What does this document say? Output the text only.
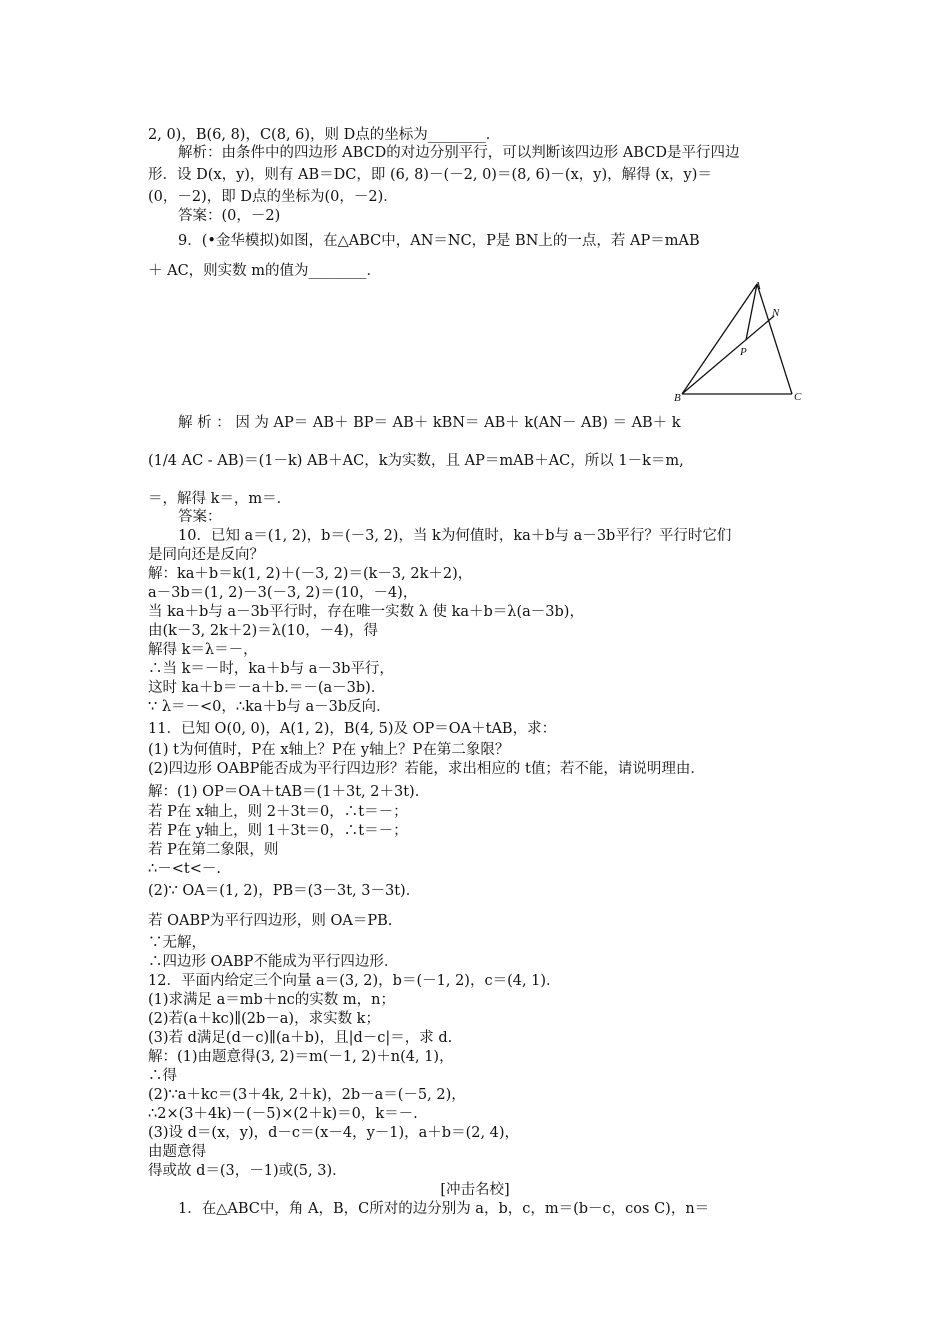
2, 0)，B(6, 8)，C(8, 6)，则 D点的坐标为________．
解析：由条件中的四边形 ABCD的对边分别平行，可以判断该四边形 ABCD是平行四边
形．设 D(x，y)，则有 AB＝DC，即 (6, 8)－(－2, 0)＝(8, 6)－(x，y)，解得 (x，y)＝
(0，－2)，即 D点的坐标为(0，－2)．
答案：(0，－2)
9．(•金华模拟)如图，在△ABC中，AN＝NC，P是 BN上的一点，若 AP＝mAB
＋ AC，则实数 m的值为________．
解 析 ： 因 为 AP＝ AB＋ BP＝ AB＋ kBN＝ AB＋ k(AN－ AB) ＝ AB＋ k
(1/4 AC - AB)＝(1－k) AB＋AC，k为实数，且 AP＝mAB＋AC，所以 1－k＝m,
＝，解得 k＝，m＝．
答案：
10．已知 a＝(1, 2)，b＝(－3, 2)，当 k为何值时，ka＋b与 a－3b平行？平行时它们
是同向还是反向？
解：ka＋b＝k(1, 2)＋(－3, 2)＝(k－3, 2k＋2)，
a－3b＝(1, 2)－3(－3, 2)＝(10，－4)，
当 ka＋b与 a－3b平行时，存在唯一实数 λ 使 ka＋b＝λ(a－3b)，
由(k－3, 2k＋2)＝λ(10，－4)，得
解得 k＝λ＝－，
∴当 k＝－时，ka＋b与 a－3b平行，
这时 ka＋b＝－a＋b.＝－(a－3b)．
∵ λ＝－<0，∴ka＋b与 a－3b反向．
11．已知 O(0, 0)，A(1, 2)，B(4, 5)及 OP＝OA＋tAB，求：
(1) t为何值时，P在 x轴上？P在 y轴上？P在第二象限？
(2)四边形 OABP能否成为平行四边形？若能，求出相应的 t值；若不能，请说明理由．
解：(1) OP＝OA＋tAB＝(1＋3t, 2＋3t)．
若 P在 x轴上，则 2＋3t＝0，∴t＝－；
若 P在 y轴上，则 1＋3t＝0，∴t＝－；
若 P在第二象限，则
∴－<t<－.
(2)∵ OA＝(1, 2)，PB＝(3－3t, 3－3t)．
若 OABP为平行四边形，则 OA＝PB.
∵无解，
∴四边形 OABP不能成为平行四边形．
12．平面内给定三个向量 a＝(3, 2)，b＝(－1, 2)，c＝(4, 1)．
(1)求满足 a＝mb＋nc的实数 m，n；
(2)若(a＋kc)∥(2b－a)，求实数 k；
(3)若 d满足(d－c)∥(a＋b)，且|d－c|＝，求 d.
解：(1)由题意得(3, 2)＝m(－1, 2)＋n(4, 1)，
∴得
(2)∵a＋kc＝(3＋4k, 2＋k)，2b－a＝(－5, 2)，
∴2×(3＋4k)－(－5)×(2＋k)＝0，k＝－.
(3)设 d＝(x，y)，d－c＝(x－4，y－1)，a＋b＝(2, 4)，
由题意得
得或故 d＝(3，－1)或(5, 3)．
[冲击名校]
1．在△ABC中，角 A，B，C所对的边分别为 a，b，c，m＝(b－c，cos C)，n＝
A
N
P
B	C
